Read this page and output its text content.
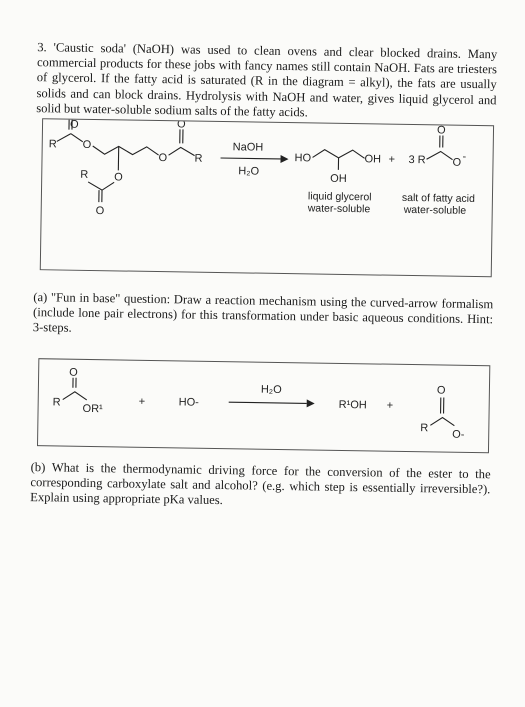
3. 'Caustic soda' (NaOH) was used to clean ovens and clear blocked drains. Many commercial products for these jobs with fancy names still contain NaOH. Fats are triesters of glycerol. If the fatty acid is saturated (R in the diagram = alkyl), the fats are usually solids and can block drains. Hydrolysis with NaOH and water, gives liquid glycerol and solid but water-soluble sodium salts of the fatty acids.

R O
O
O
O
R
O
R
O
NaOH
H₂O
HO	OH
OH
liquid glycerol
water-soluble
+ 3 R
O
O -
salt of fatty acid
water-soluble

(a) "Fun in base" question: Draw a reaction mechanism using the curved-arrow formalism (include lone pair electrons) for this transformation under basic aqueous conditions. Hint: 3-steps.

O
R
OR¹
+	HO-
H₂O
R¹OH +
O
R
O-

(b) What is the thermodynamic driving force for the conversion of the ester to the corresponding carboxylate salt and alcohol? (e.g. which step is essentially irreversible?). Explain using appropriate pKa values.
